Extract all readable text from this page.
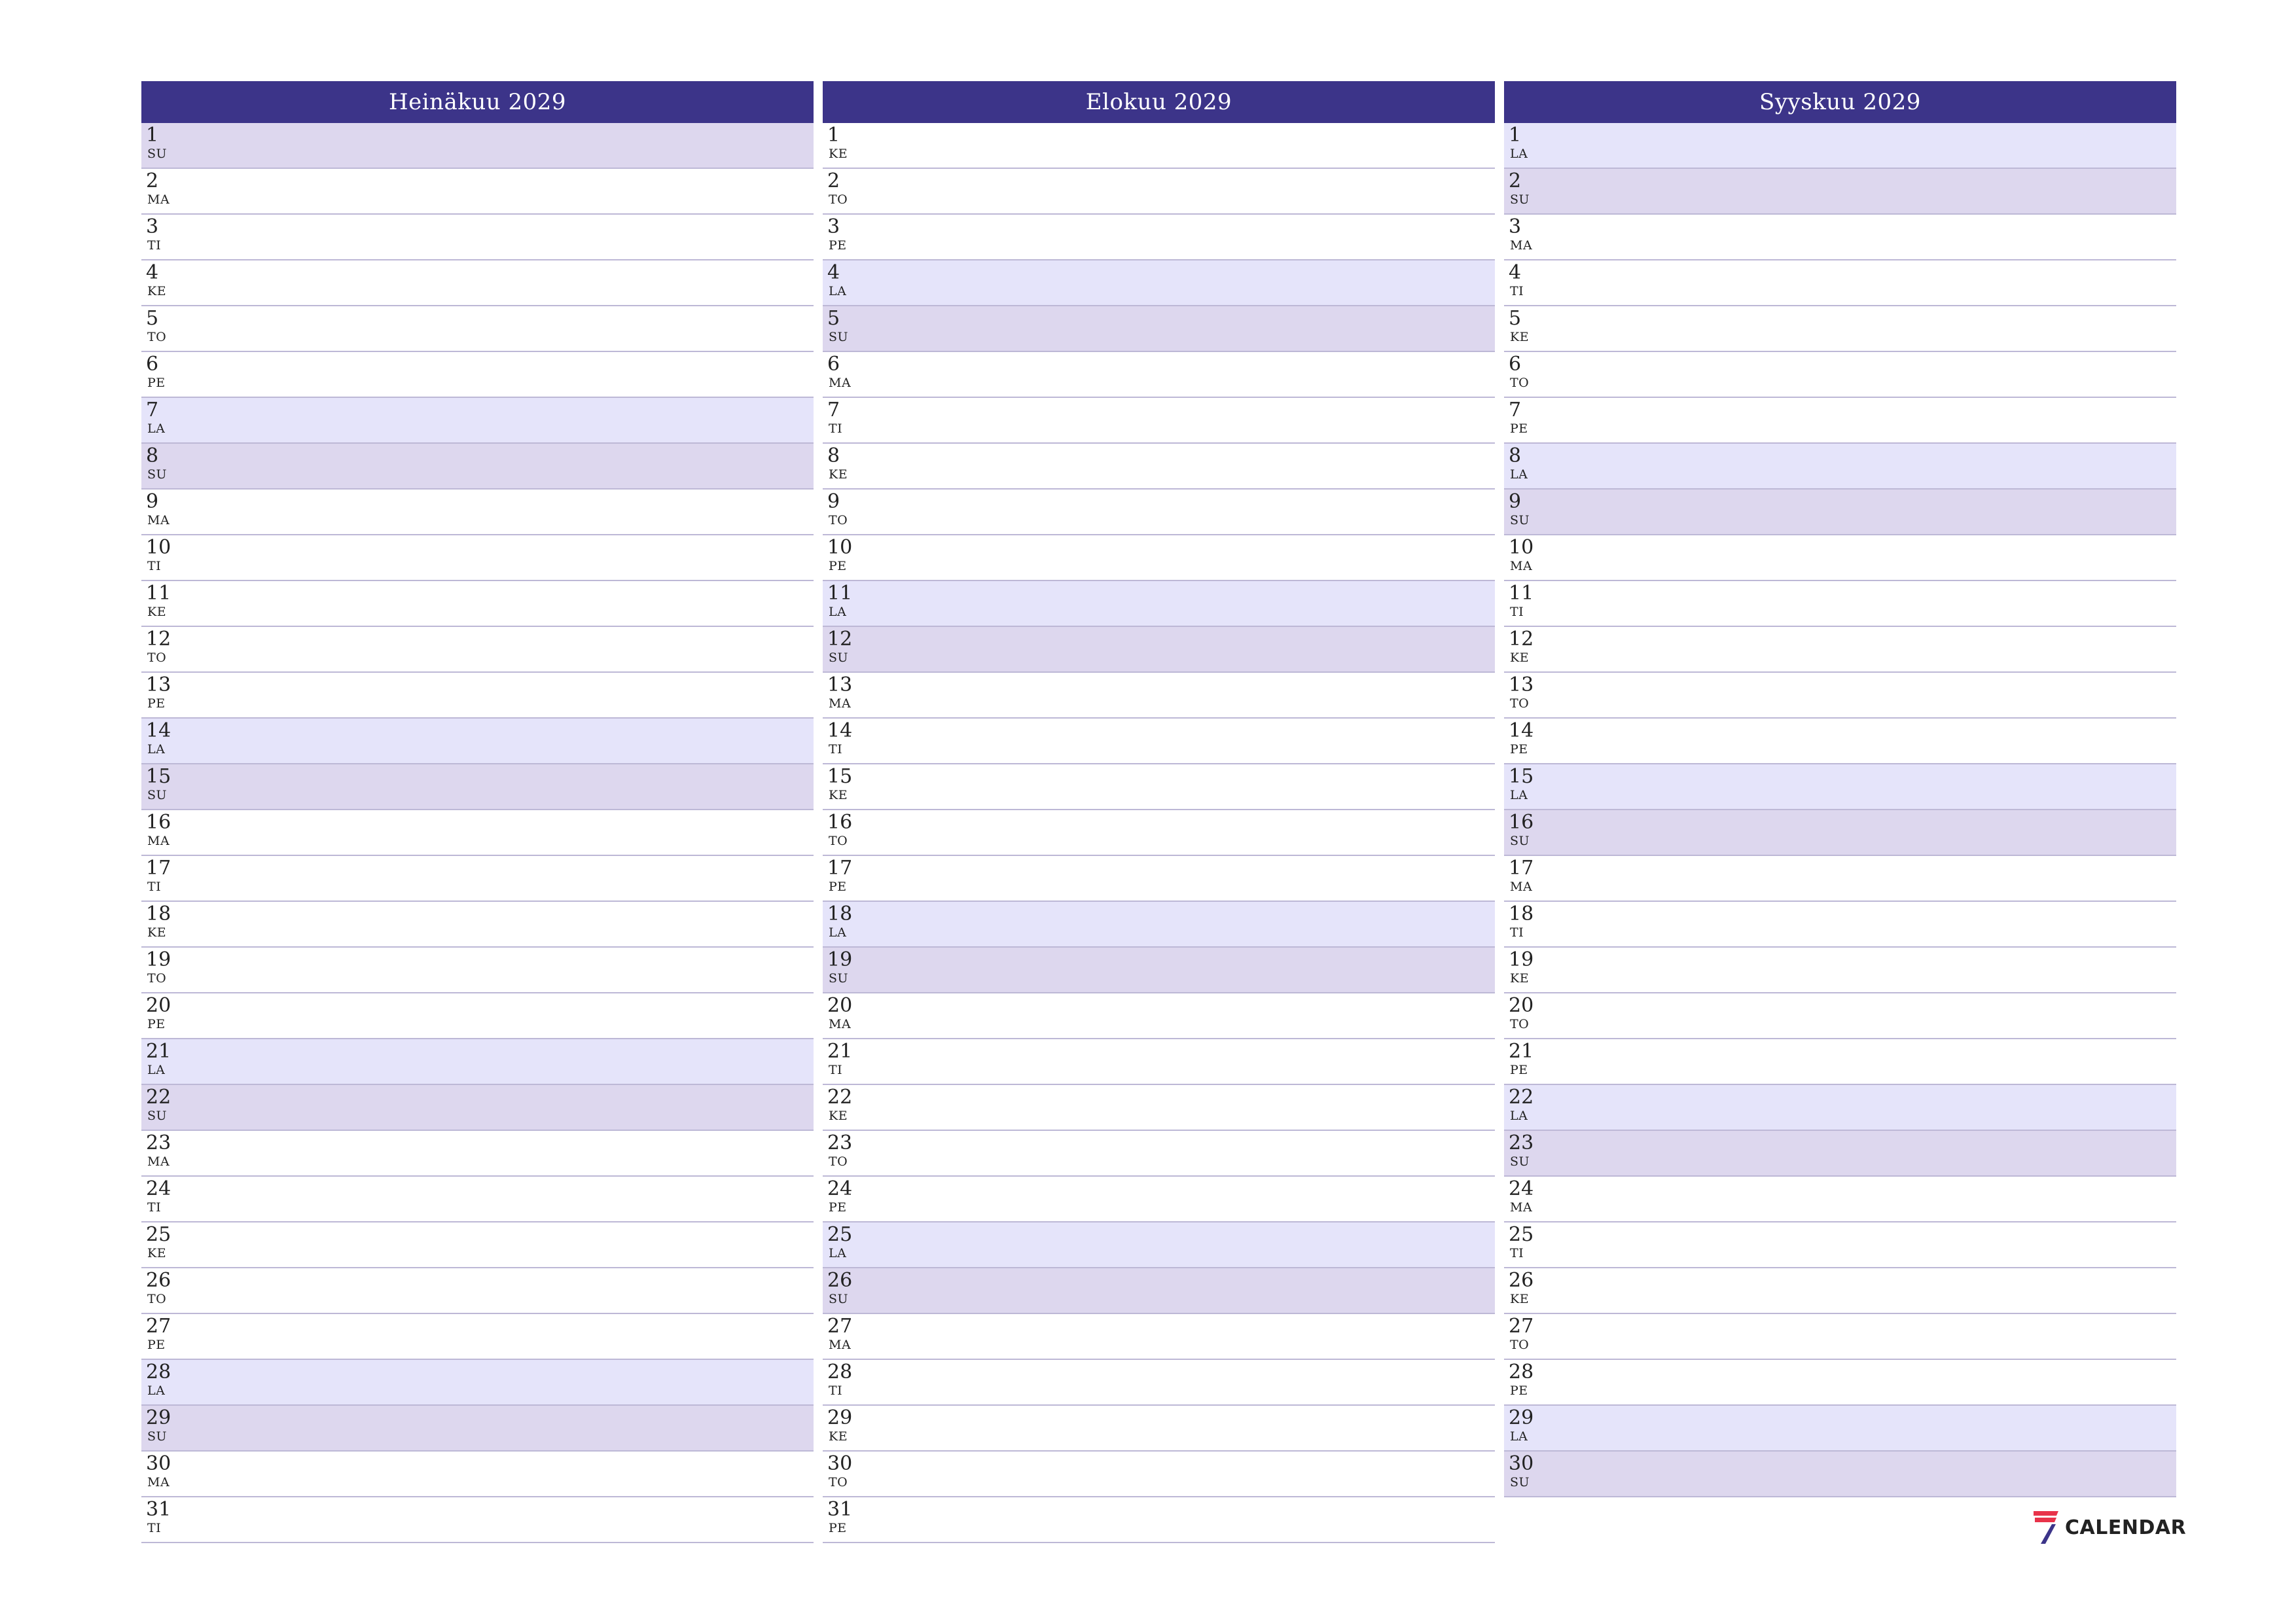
Heinäkuu 2029
1
SU
2
MA
3
TI
4
KE
5
TO
6
PE
7
LA
8
SU
9
MA
10
TI
11
KE
12
TO
13
PE
14
LA
15
SU
16
MA
17
TI
18
KE
19
TO
20
PE
21
LA
22
SU
23
MA
24
TI
25
KE
26
TO
27
PE
28
LA
29
SU
30
MA
31
TI
Elokuu 2029
1
KE
2
TO
3
PE
4
LA
5
SU
6
MA
7
TI
8
KE
9
TO
10
PE
11
LA
12
SU
13
MA
14
TI
15
KE
16
TO
17
PE
18
LA
19
SU
20
MA
21
TI
22
KE
23
TO
24
PE
25
LA
26
SU
27
MA
28
TI
29
KE
30
TO
31
PE
Syyskuu 2029
1
LA
2
SU
3
MA
4
TI
5
KE
6
TO
7
PE
8
LA
9
SU
10
MA
11
TI
12
KE
13
TO
14
PE
15
LA
16
SU
17
MA
18
TI
19
KE
20
TO
21
PE
22
LA
23
SU
24
MA
25
TI
26
KE
27
TO
28
PE
29
LA
30
SU
CALENDAR
